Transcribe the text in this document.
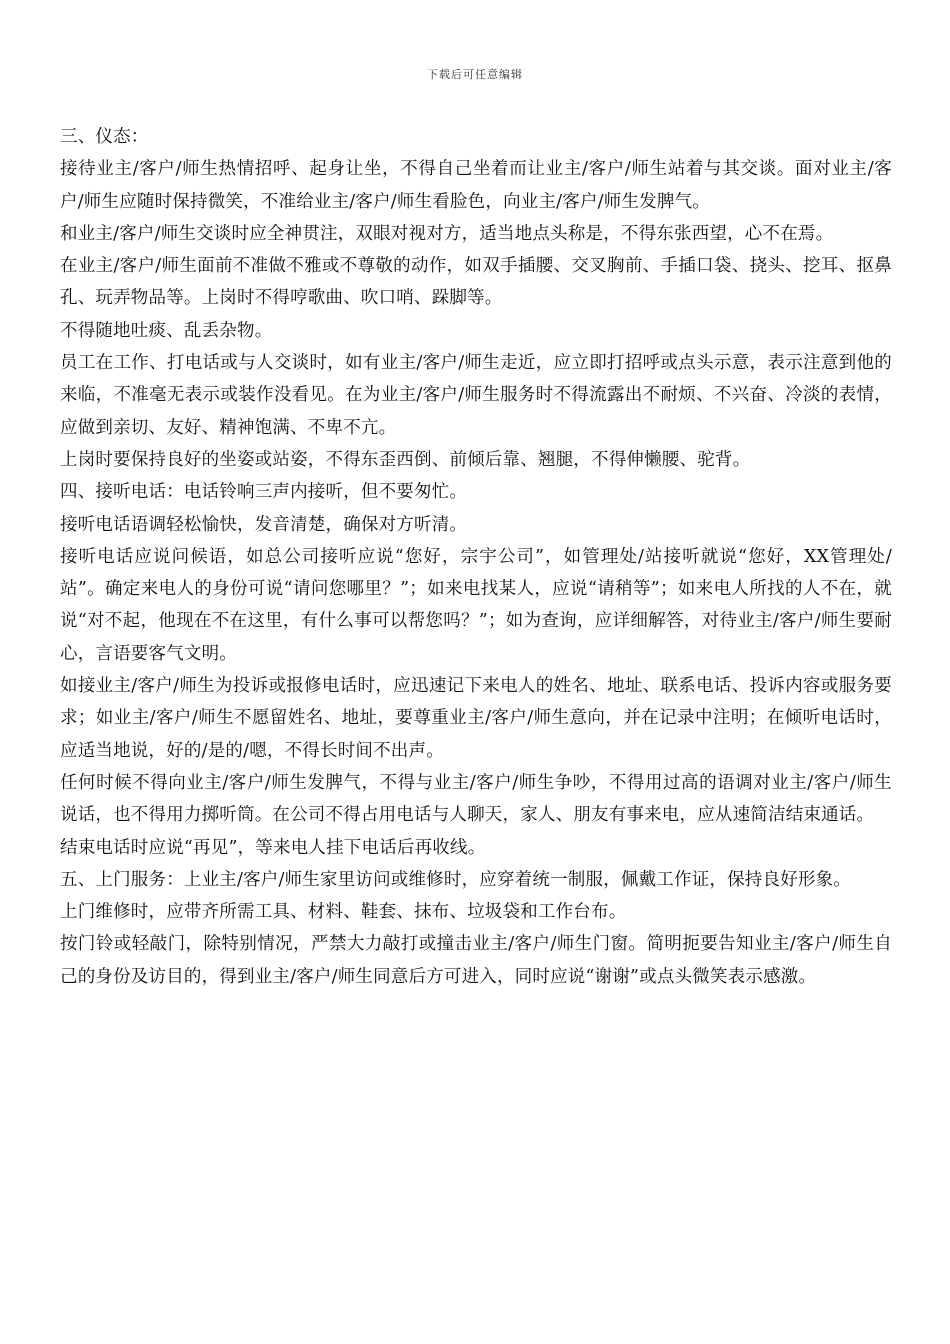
下载后可任意编辑

三、仪态：

接待业主/客户/师生热情招呼、起身让坐，不得自己坐着而让业主/客户/师生站着与其交谈。面对业主/客户/师生应随时保持微笑，不准给业主/客户/师生看脸色，向业主/客户/师生发脾气。

和业主/客户/师生交谈时应全神贯注，双眼对视对方，适当地点头称是，不得东张西望，心不在焉。

在业主/客户/师生面前不准做不雅或不尊敬的动作，如双手插腰、交叉胸前、手插口袋、挠头、挖耳、抠鼻孔、玩弄物品等。上岗时不得哼歌曲、吹口哨、跺脚等。

不得随地吐痰、乱丢杂物。

员工在工作、打电话或与人交谈时，如有业主/客户/师生走近，应立即打招呼或点头示意，表示注意到他的来临，不准毫无表示或装作没看见。在为业主/客户/师生服务时不得流露出不耐烦、不兴奋、冷淡的表情，应做到亲切、友好、精神饱满、不卑不亢。

上岗时要保持良好的坐姿或站姿，不得东歪西倒、前倾后靠、翘腿，不得伸懒腰、驼背。

四、接听电话：电话铃响三声内接听，但不要匆忙。

接听电话语调轻松愉快，发音清楚，确保对方听清。

接听电话应说问候语，如总公司接听应说“您好，宗宇公司”，如管理处/站接听就说“您好，XX管理处/站”。确定来电人的身份可说“请问您哪里？”；如来电找某人，应说“请稍等”；如来电人所找的人不在，就说“对不起，他现在不在这里，有什么事可以帮您吗？”；如为查询，应详细解答，对待业主/客户/师生要耐心，言语要客气文明。

如接业主/客户/师生为投诉或报修电话时，应迅速记下来电人的姓名、地址、联系电话、投诉内容或服务要求；如业主/客户/师生不愿留姓名、地址，要尊重业主/客户/师生意向，并在记录中注明；在倾听电话时，应适当地说，好的/是的/嗯，不得长时间不出声。

任何时候不得向业主/客户/师生发脾气，不得与业主/客户/师生争吵，不得用过高的语调对业主/客户/师生说话，也不得用力掷听筒。在公司不得占用电话与人聊天，家人、朋友有事来电，应从速简洁结束通话。

结束电话时应说“再见”，等来电人挂下电话后再收线。

五、上门服务：上业主/客户/师生家里访问或维修时，应穿着统一制服，佩戴工作证，保持良好形象。

上门维修时，应带齐所需工具、材料、鞋套、抹布、垃圾袋和工作台布。

按门铃或轻敲门，除特别情况，严禁大力敲打或撞击业主/客户/师生门窗。简明扼要告知业主/客户/师生自己的身份及访目的，得到业主/客户/师生同意后方可进入，同时应说“谢谢”或点头微笑表示感激。
